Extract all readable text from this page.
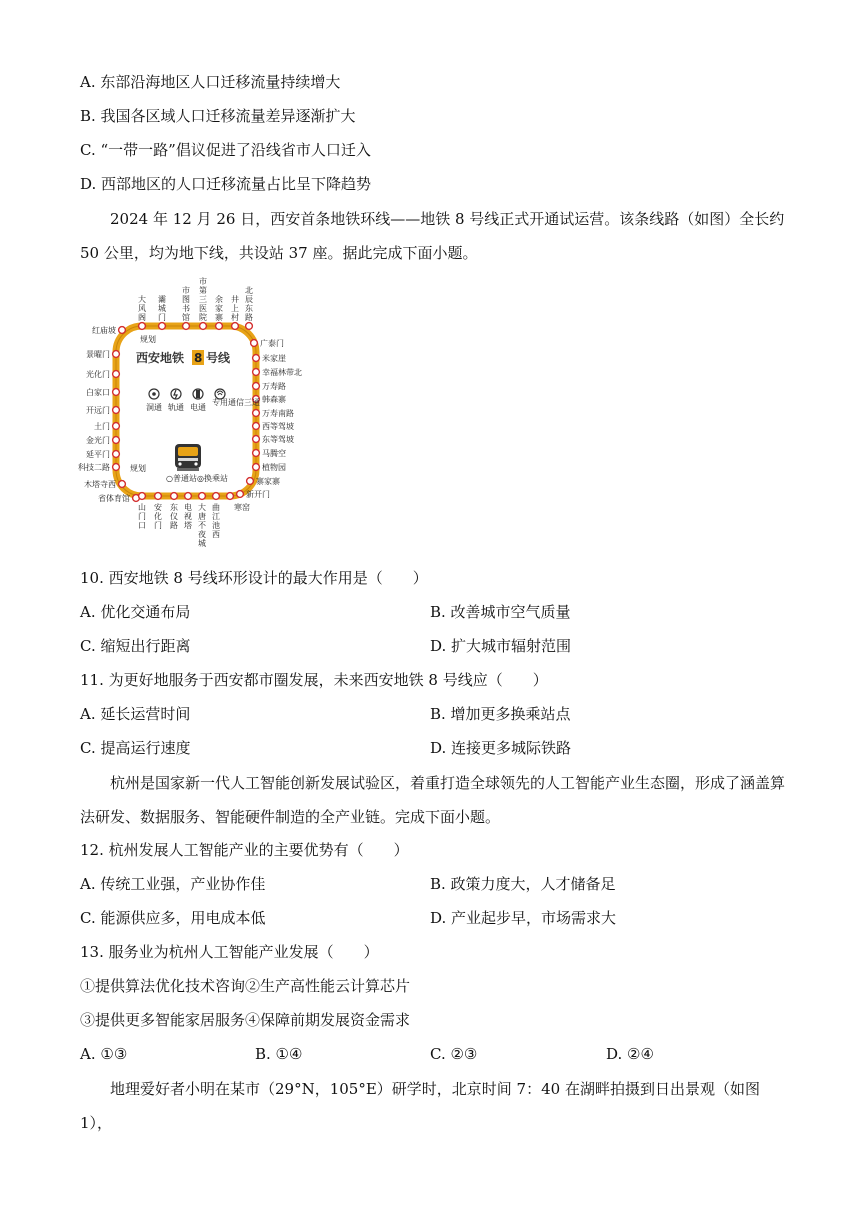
A. 东部沿海地区人口迁移流量持续增大
B. 我国各区域人口迁移流量差异逐渐扩大
C. “一带一路”倡议促进了沿线省市人口迁入
D. 西部地区的人口迁移流量占比呈下降趋势
2024 年 12 月 26 日，西安首条地铁环线——地铁 8 号线正式开通试运营。该条线路（如图）全长约 50 公里，均为地下线，共设站 37 座。据此完成下面小题。
大风阁
灞城门
市图书馆
市第三医院
余家寨
井上村
北辰东路
红庙坡
景曜门
光化门
白家口
开远门
土门
金光门
延平门
科技二路
木塔寺西
省体育馆
广泰门
米家崖
幸福林带北
万寿路
韩森寨
万寿南路
西等驾坡
东等驾坡
马腾空
植物园
寨家寨
新开门
山门口
安化门
东仪路
电视塔
大唐不夜城
曲江池西
寒窑
西安地铁 8 号线
洞通 轨通 电通
专用通信三通
○普通站◎换乘站
规划
规划
10. 西安地铁 8 号线环形设计的最大作用是（　　）
A. 优化交通布局	B. 改善城市空气质量
C. 缩短出行距离	D. 扩大城市辐射范围
11. 为更好地服务于西安都市圈发展，未来西安地铁 8 号线应（　　）
A. 延长运营时间	B. 增加更多换乘站点
C. 提高运行速度	D. 连接更多城际铁路
杭州是国家新一代人工智能创新发展试验区，着重打造全球领先的人工智能产业生态圈，形成了涵盖算法研发、数据服务、智能硬件制造的全产业链。完成下面小题。
12. 杭州发展人工智能产业的主要优势有（　　）
A. 传统工业强，产业协作佳	B. 政策力度大，人才储备足
C. 能源供应多，用电成本低	D. 产业起步早，市场需求大
13. 服务业为杭州人工智能产业发展（　　）
①提供算法优化技术咨询②生产高性能云计算芯片
③提供更多智能家居服务④保障前期发展资金需求
A. ①③	B. ①④	C. ②③	D. ②④
地理爱好者小明在某市（29°N，105°E）研学时，北京时间 7：40 在湖畔拍摄到日出景观（如图 1），
